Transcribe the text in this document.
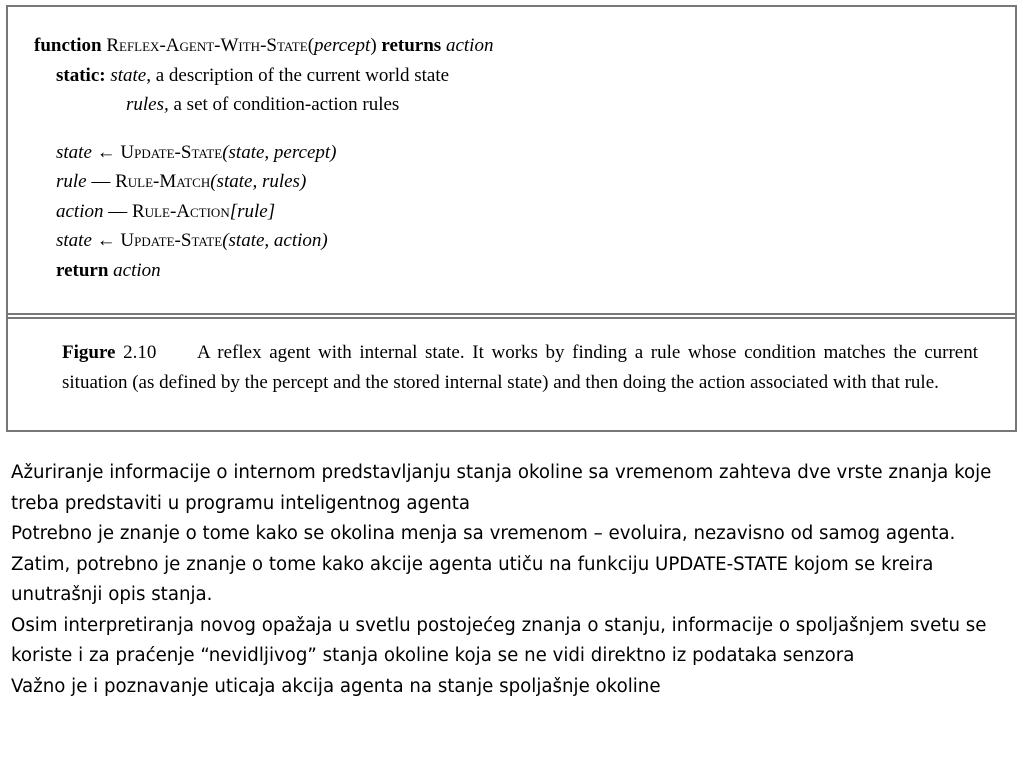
function Reflex-Agent-With-State(percept) returns action
static: state, a description of the current world state
rules, a set of condition-action rules
state ← Update-State(state, percept)
rule — Rule-Match(state, rules)
action — Rule-Action[rule]
state ← Update-State(state, action)
return action
Figure 2.10 A reflex agent with internal state. It works by finding a rule whose condition matches the current situation (as defined by the percept and the stored internal state) and then doing the action associated with that rule.

Ažuriranje informacije o internom predstavljanju stanja okoline sa vremenom zahteva dve vrste znanja koje treba predstaviti u programu inteligentnog agenta

Potrebno je znanje o tome kako se okolina menja sa vremenom – evoluira, nezavisno od samog agenta.

Zatim, potrebno je znanje o tome kako akcije agenta utiču na funkciju UPDATE-STATE kojom se kreira unutrašnji opis stanja.

Osim interpretiranja novog opažaja u svetlu postojećeg znanja o stanju, informacije o spoljašnjem svetu se koriste i za praćenje “nevidljivog” stanja okoline koja se ne vidi direktno iz podataka senzora

Važno je i poznavanje uticaja akcija agenta na stanje spoljašnje okoline
